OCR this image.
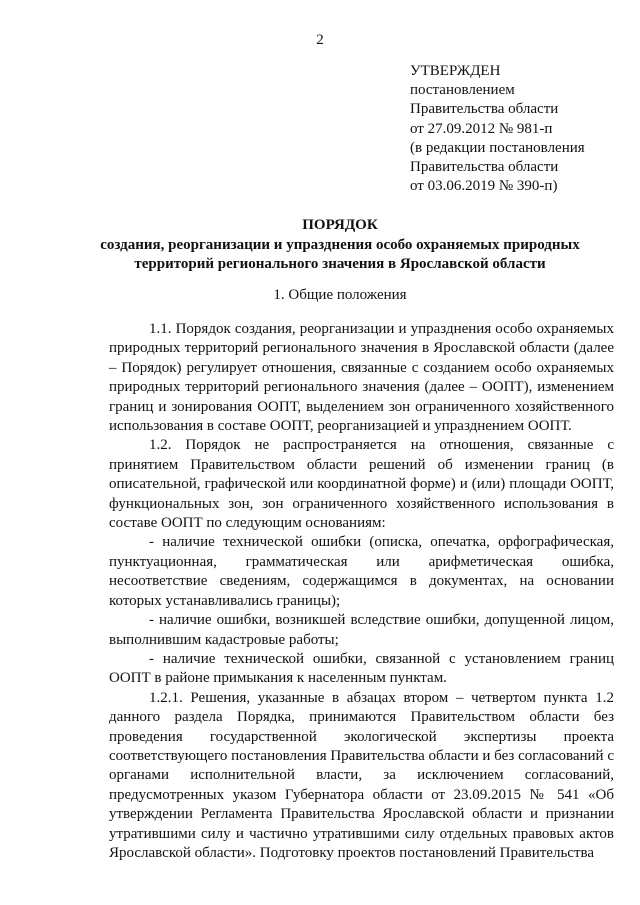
2
УТВЕРЖДЕН
постановлением
Правительства области
от 27.09.2012 № 981-п
(в редакции постановления
Правительства области
от 03.06.2019 № 390-п)
ПОРЯДОК
создания, реорганизации и упразднения особо охраняемых природных территорий регионального значения в Ярославской области
1. Общие положения

1.1. Порядок создания, реорганизации и упразднения особо охраняемых природных территорий регионального значения в Ярославской области (далее – Порядок) регулирует отношения, связанные с созданием особо охраняемых природных территорий регионального значения (далее – ООПТ), изменением границ и зонирования ООПТ, выделением зон ограниченного хозяйственного использования в составе ООПТ, реорганизацией и упразднением ООПТ.

1.2. Порядок не распространяется на отношения, связанные с принятием Правительством области решений об изменении границ (в описательной, графической или координатной форме) и (или) площади ООПТ, функциональных зон, зон ограниченного хозяйственного использования в составе ООПТ по следующим основаниям:

- наличие технической ошибки (описка, опечатка, орфографическая, пунктуационная, грамматическая или арифметическая ошибка, несоответствие сведениям, содержащимся в документах, на основании которых устанавливались границы);

- наличие ошибки, возникшей вследствие ошибки, допущенной лицом, выполнившим кадастровые работы;

- наличие технической ошибки, связанной с установлением границ ООПТ в районе примыкания к населенным пунктам.

1.2.1. Решения, указанные в абзацах втором – четвертом пункта 1.2 данного раздела Порядка, принимаются Правительством области без проведения государственной экологической экспертизы проекта соответствующего постановления Правительства области и без согласований с органами исполнительной власти, за исключением согласований, предусмотренных указом Губернатора области от 23.09.2015 № 541 «Об утверждении Регламента Правительства Ярославской области и признании утратившими силу и частично утратившими силу отдельных правовых актов Ярославской области». Подготовку проектов постановлений Правительства
